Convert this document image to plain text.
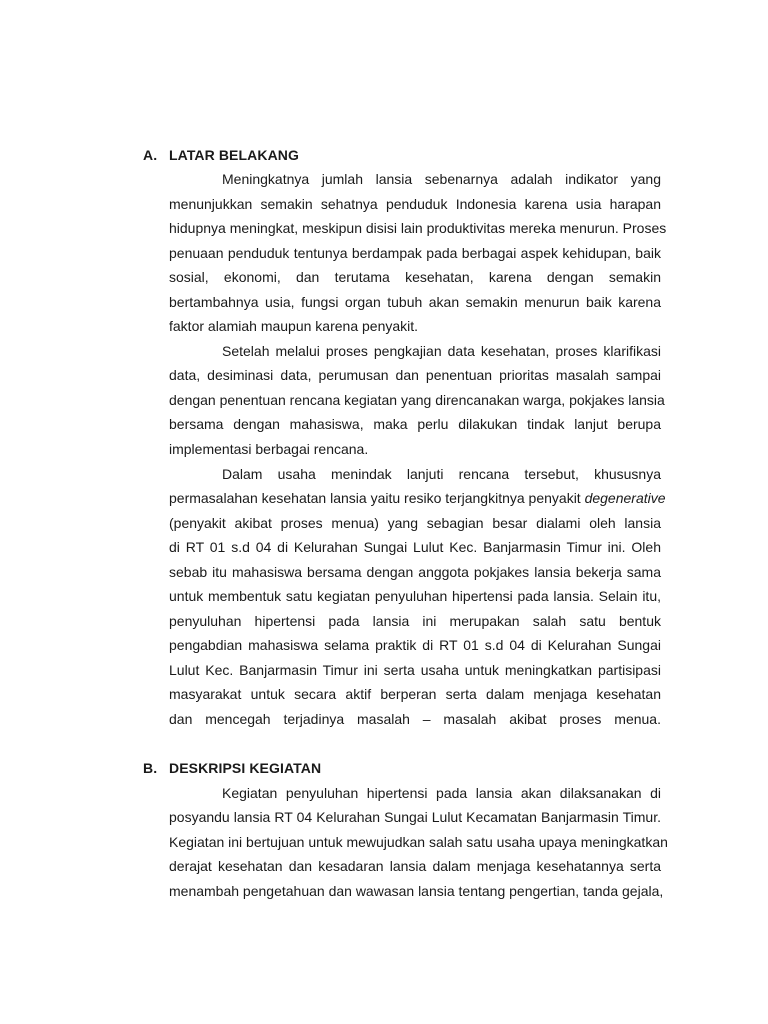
A. LATAR BELAKANG
Meningkatnya jumlah lansia sebenarnya adalah indikator yang
menunjukkan semakin sehatnya penduduk Indonesia karena usia harapan
hidupnya meningkat, meskipun disisi lain produktivitas mereka menurun. Proses
penuaan penduduk tentunya berdampak pada berbagai aspek kehidupan, baik
sosial, ekonomi, dan terutama kesehatan, karena dengan semakin
bertambahnya usia, fungsi organ tubuh akan semakin menurun baik karena
faktor alamiah maupun karena penyakit.
Setelah melalui proses pengkajian data kesehatan, proses klarifikasi
data, desiminasi data, perumusan dan penentuan prioritas masalah sampai
dengan penentuan rencana kegiatan yang direncanakan warga, pokjakes lansia
bersama dengan mahasiswa, maka perlu dilakukan tindak lanjut berupa
implementasi berbagai rencana.
Dalam usaha menindak lanjuti rencana tersebut, khususnya
permasalahan kesehatan lansia yaitu resiko terjangkitnya penyakit degenerative
(penyakit akibat proses menua) yang sebagian besar dialami oleh lansia
di RT 01 s.d 04 di Kelurahan Sungai Lulut Kec. Banjarmasin Timur ini. Oleh
sebab itu mahasiswa bersama dengan anggota pokjakes lansia bekerja sama
untuk membentuk satu kegiatan penyuluhan hipertensi pada lansia. Selain itu,
penyuluhan hipertensi pada lansia ini merupakan salah satu bentuk
pengabdian mahasiswa selama praktik di RT 01 s.d 04 di Kelurahan Sungai
Lulut Kec. Banjarmasin Timur ini serta usaha untuk meningkatkan partisipasi
masyarakat untuk secara aktif berperan serta dalam menjaga kesehatan
dan mencegah terjadinya masalah – masalah akibat proses menua.
B. DESKRIPSI KEGIATAN
Kegiatan penyuluhan hipertensi pada lansia akan dilaksanakan di
posyandu lansia RT 04 Kelurahan Sungai Lulut Kecamatan Banjarmasin Timur.
Kegiatan ini bertujuan untuk mewujudkan salah satu usaha upaya meningkatkan
derajat kesehatan dan kesadaran lansia dalam menjaga kesehatannya serta
menambah pengetahuan dan wawasan lansia tentang pengertian, tanda gejala,
